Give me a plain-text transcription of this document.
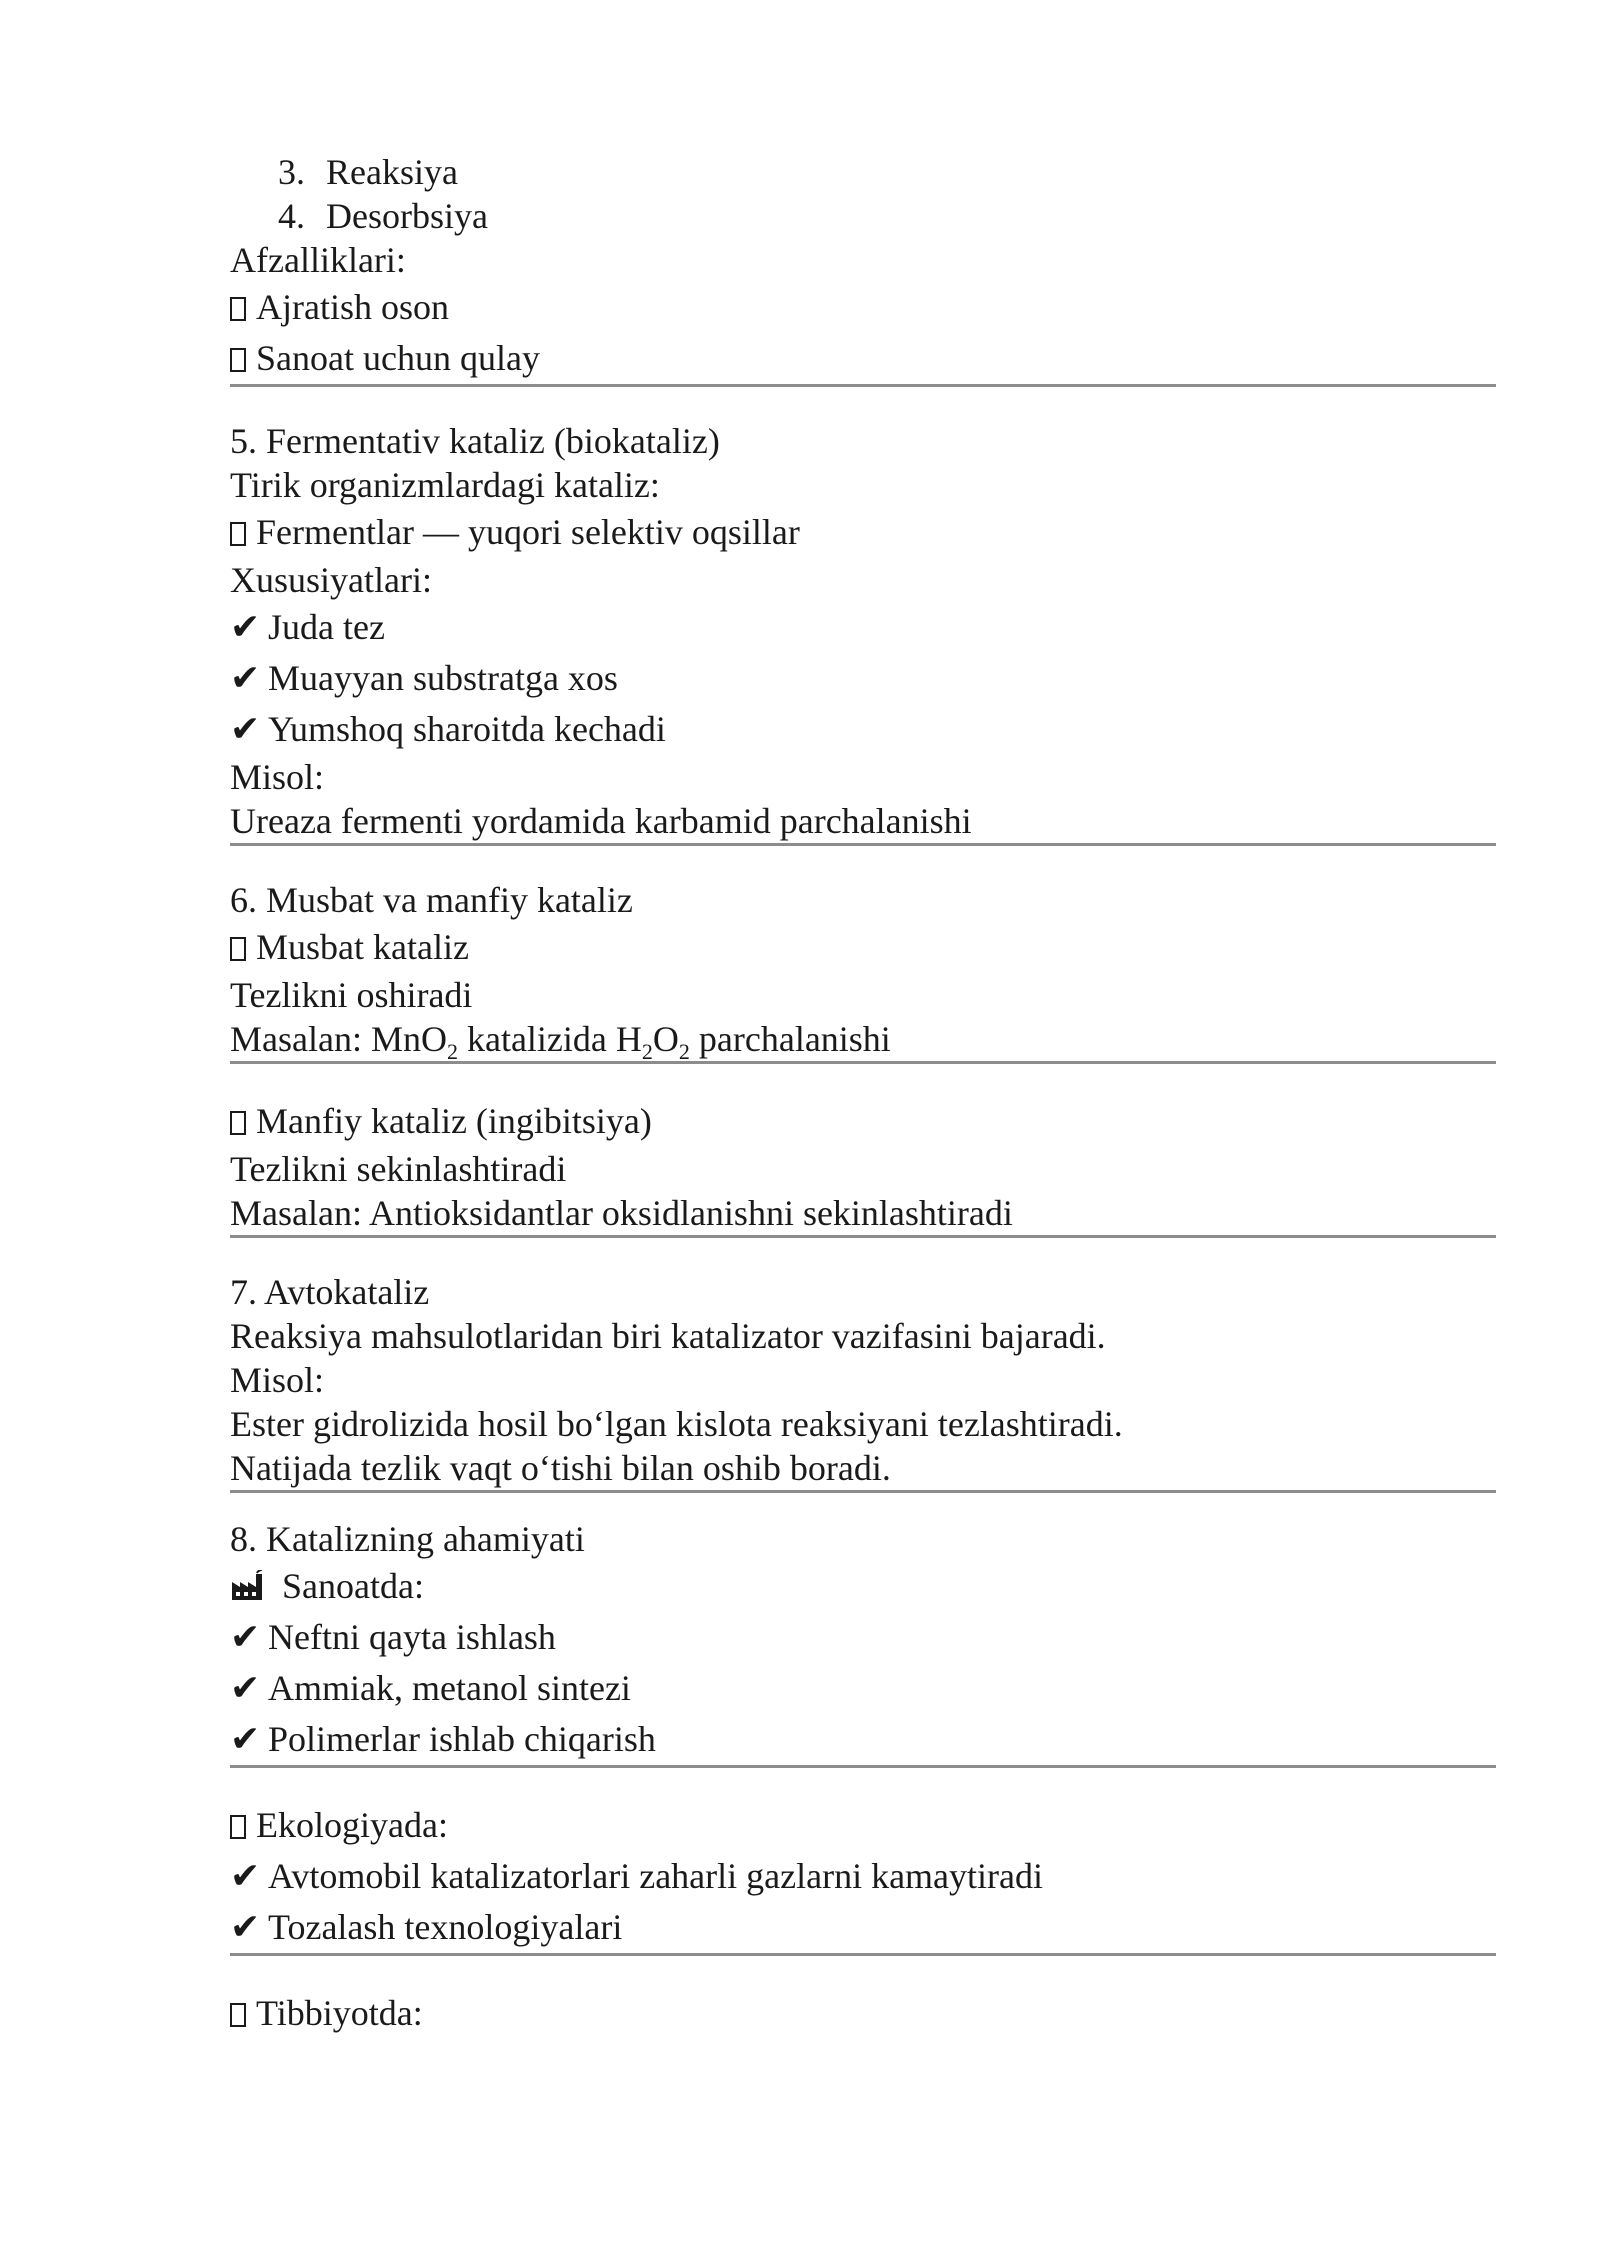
3. Reaksiya
4. Desorbsiya
Afzalliklari:
Ajratish oson
Sanoat uchun qulay
5. Fermentativ kataliz (biokataliz)
Tirik organizmlardagi kataliz:
Fermentlar — yuqori selektiv oqsillar
Xususiyatlari:
✔ Juda tez
✔ Muayyan substratga xos
✔ Yumshoq sharoitda kechadi
Misol:
Ureaza fermenti yordamida karbamid parchalanishi
6. Musbat va manfiy kataliz
Musbat kataliz
Tezlikni oshiradi
Masalan: MnO$_2$ katalizida $H_2O_2$ parchalanishi
Manfiy kataliz (ingibitsiya)
Tezlikni sekinlashtiradi
Masalan: Antioksidantlar oksidlanishni sekinlashtiradi
7. Avtokataliz
Reaksiya mahsulotlaridan biri katalizator vazifasini bajaradi.
Misol:
Ester gidrolizida hosil bo‘lgan kislota reaksiyani tezlashtiradi.
Natijada tezlik vaqt o‘tishi bilan oshib boradi.
8. Katalizning ahamiyati
Sanoatda:
✔ Neftni qayta ishlash
✔ Ammiak, metanol sintezi
✔ Polimerlar ishlab chiqarish
Ekologiyada:
✔ Avtomobil katalizatorlari zaharli gazlarni kamaytiradi
✔ Tozalash texnologiyalari
Tibbiyotda:
